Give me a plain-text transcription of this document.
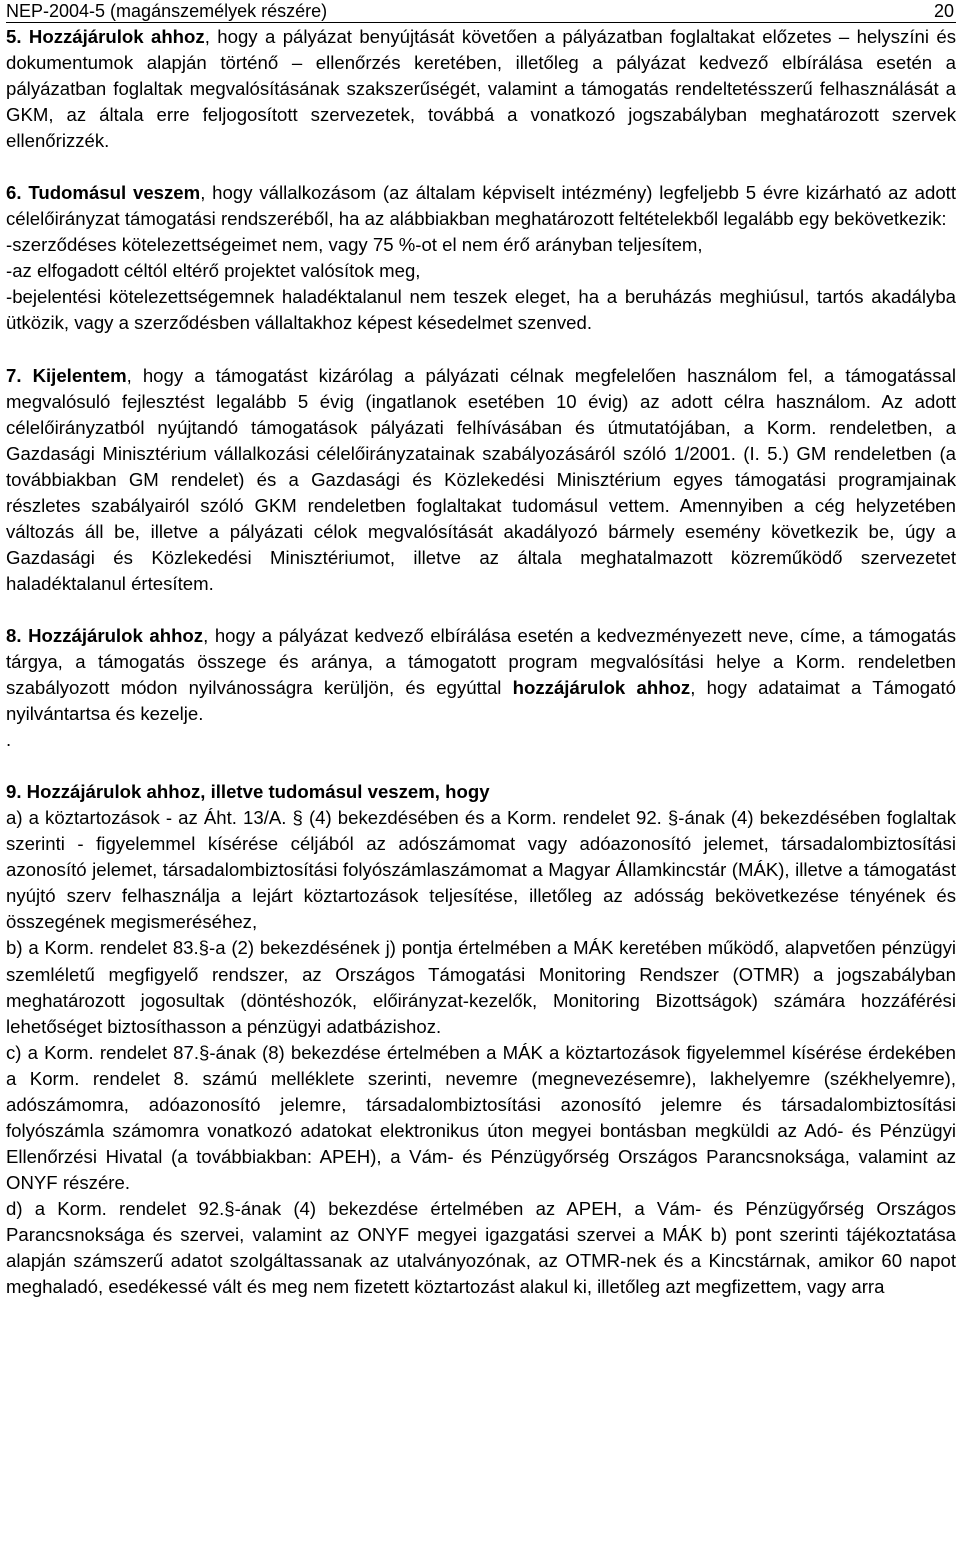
NEP-2004-5 (magánszemélyek részére)	20

5. Hozzájárulok ahhoz, hogy a pályázat benyújtását követően a pályázatban foglaltakat előzetes – helyszíni és dokumentumok alapján történő – ellenőrzés keretében, illetőleg a pályázat kedvező elbírálása esetén a pályázatban foglaltak megvalósításának szakszerűségét, valamint a támogatás rendeltetésszerű felhasználását a GKM, az általa erre feljogosított szervezetek, továbbá a vonatkozó jogszabályban meghatározott szervek ellenőrizzék.

6. Tudomásul veszem, hogy vállalkozásom (az általam képviselt intézmény) legfeljebb 5 évre kizárható az adott célelőirányzat támogatási rendszeréből, ha az alábbiakban meghatározott feltételekből legalább egy bekövetkezik:

-szerződéses kötelezettségeimet nem, vagy 75 %-ot el nem érő arányban teljesítem,

-az elfogadott céltól eltérő projektet valósítok meg,

-bejelentési kötelezettségemnek haladéktalanul nem teszek eleget, ha a beruházás meghiúsul, tartós akadályba ütközik, vagy a szerződésben vállaltakhoz képest késedelmet szenved.

7. Kijelentem, hogy a támogatást kizárólag a pályázati célnak megfelelően használom fel, a támogatással megvalósuló fejlesztést legalább 5 évig (ingatlanok esetében 10 évig) az adott célra használom. Az adott célelőirányzatból nyújtandó támogatások pályázati felhívásában és útmutatójában, a Korm. rendeletben, a Gazdasági Minisztérium vállalkozási célelőirányzatainak szabályozásáról szóló 1/2001. (I. 5.) GM rendeletben (a továbbiakban GM rendelet) és a Gazdasági és Közlekedési Minisztérium egyes támogatási programjainak részletes szabályairól szóló GKM rendeletben foglaltakat tudomásul vettem. Amennyiben a cég helyzetében változás áll be, illetve a pályázati célok megvalósítását akadályozó bármely esemény következik be, úgy a Gazdasági és Közlekedési Minisztériumot, illetve az általa meghatalmazott közreműködő szervezetet haladéktalanul értesítem.

8. Hozzájárulok ahhoz, hogy a pályázat kedvező elbírálása esetén a kedvezményezett neve, címe, a támogatás tárgya, a támogatás összege és aránya, a támogatott program megvalósítási helye a Korm. rendeletben szabályozott módon nyilvánosságra kerüljön, és egyúttal hozzájárulok ahhoz, hogy adataimat a Támogató nyilvántartsa és kezelje.

.

9. Hozzájárulok ahhoz, illetve tudomásul veszem, hogy

a) a köztartozások - az Áht. 13/A. § (4) bekezdésében és a Korm. rendelet 92. §-ának (4) bekezdésében foglaltak szerinti - figyelemmel kísérése céljából az adószámomat vagy adóazonosító jelemet, társadalombiztosítási azonosító jelemet, társadalombiztosítási folyószámlaszámomat a Magyar Államkincstár (MÁK), illetve a támogatást nyújtó szerv felhasználja a lejárt köztartozások teljesítése, illetőleg az adósság bekövetkezése tényének és összegének megismeréséhez,

b) a Korm. rendelet 83.§-a (2) bekezdésének j) pontja értelmében a MÁK keretében működő, alapvetően pénzügyi szemléletű megfigyelő rendszer, az Országos Támogatási Monitoring Rendszer (OTMR) a jogszabályban meghatározott jogosultak (döntéshozók, előirányzat-kezelők, Monitoring Bizottságok) számára hozzáférési lehetőséget biztosíthasson a pénzügyi adatbázishoz.

c) a Korm. rendelet 87.§-ának (8) bekezdése értelmében a MÁK a köztartozások figyelemmel kísérése érdekében a Korm. rendelet 8. számú melléklete szerinti, nevemre (megnevezésemre), lakhelyemre (székhelyemre), adószámomra, adóazonosító jelemre, társadalombiztosítási azonosító jelemre és társadalombiztosítási folyószámla számomra vonatkozó adatokat elektronikus úton megyei bontásban megküldi az Adó- és Pénzügyi Ellenőrzési Hivatal (a továbbiakban: APEH), a Vám- és Pénzügyőrség Országos Parancsnoksága, valamint az ONYF részére.

d) a Korm. rendelet 92.§-ának (4) bekezdése értelmében az APEH, a Vám- és Pénzügyőrség Országos Parancsnoksága és szervei, valamint az ONYF megyei igazgatási szervei a MÁK b) pont szerinti tájékoztatása alapján számszerű adatot szolgáltassanak az utalványozónak, az OTMR-nek és a Kincstárnak, amikor 60 napot meghaladó, esedékessé vált és meg nem fizetett köztartozást alakul ki, illetőleg azt megfizettem, vagy arra
